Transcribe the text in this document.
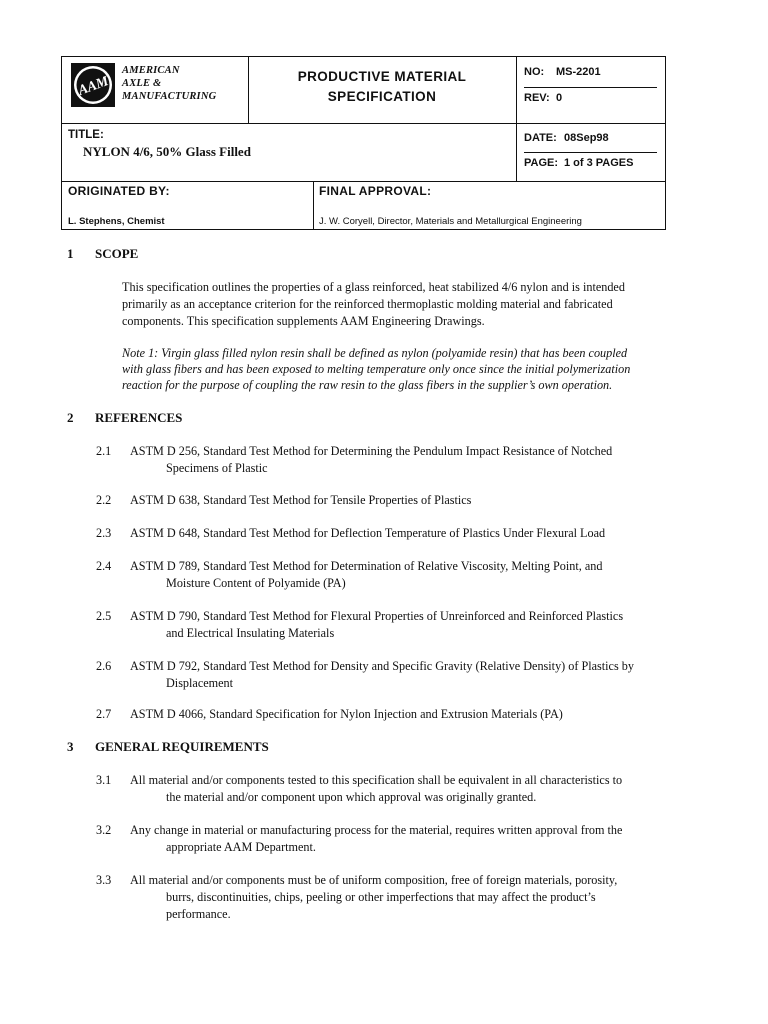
AAM
AMERICAN
AXLE &
MANUFACTURING
PRODUCTIVE MATERIAL
SPECIFICATION
NO: MS-2201
REV: 0
TITLE:
NYLON 4/6, 50% Glass Filled
DATE: 08Sep98
PAGE: 1 of 3 PAGES
ORIGINATED BY:
L. Stephens, Chemist
FINAL APPROVAL:
J. W. Coryell, Director, Materials and Metallurgical Engineering
1 SCOPE
This specification outlines the properties of a glass reinforced, heat stabilized 4/6 nylon and is intended
primarily as an acceptance criterion for the reinforced thermoplastic molding material and fabricated
components. This specification supplements AAM Engineering Drawings.
Note 1: Virgin glass filled nylon resin shall be defined as nylon (polyamide resin) that has been coupled
with glass fibers and has been exposed to melting temperature only once since the initial polymerization
reaction for the purpose of coupling the raw resin to the glass fibers in the supplier’s own operation.
2 REFERENCES
2.1 ASTM D 256, Standard Test Method for Determining the Pendulum Impact Resistance of Notched
Specimens of Plastic
2.2 ASTM D 638, Standard Test Method for Tensile Properties of Plastics
2.3 ASTM D 648, Standard Test Method for Deflection Temperature of Plastics Under Flexural Load
2.4 ASTM D 789, Standard Test Method for Determination of Relative Viscosity, Melting Point, and
Moisture Content of Polyamide (PA)
2.5 ASTM D 790, Standard Test Method for Flexural Properties of Unreinforced and Reinforced Plastics
and Electrical Insulating Materials
2.6 ASTM D 792, Standard Test Method for Density and Specific Gravity (Relative Density) of Plastics by
Displacement
2.7 ASTM D 4066, Standard Specification for Nylon Injection and Extrusion Materials (PA)
3 GENERAL REQUIREMENTS
3.1 All material and/or components tested to this specification shall be equivalent in all characteristics to
the material and/or component upon which approval was originally granted.
3.2 Any change in material or manufacturing process for the material, requires written approval from the
appropriate AAM Department.
3.3 All material and/or components must be of uniform composition, free of foreign materials, porosity,
burrs, discontinuities, chips, peeling or other imperfections that may affect the product’s
performance.
